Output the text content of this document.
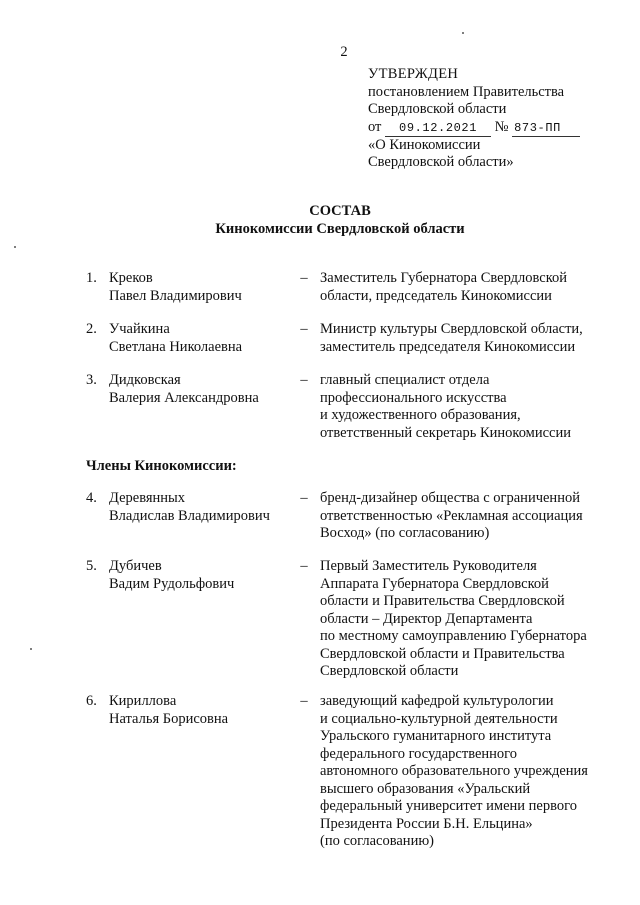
2
УТВЕРЖДЕН
постановлением Правительства
Свердловской области
от 09.12.2021 № 873-ПП
«О Кинокомиссии
Свердловской области»
СОСТАВ
Кинокомиссии Свердловской области
1. Креков
Павел Владимирович
– Заместитель Губернатора Свердловской
области, председатель Кинокомиссии
2. Учайкина
Светлана Николаевна
– Министр культуры Свердловской области,
заместитель председателя Кинокомиссии
3. Дидковская
Валерия Александровна
– главный специалист отдела
профессионального искусства
и художественного образования,
ответственный секретарь Кинокомиссии
Члены Кинокомиссии:
4. Деревянных
Владислав Владимирович
– бренд-дизайнер общества с ограниченной
ответственностью «Рекламная ассоциация
Восход» (по согласованию)
5. Дубичев
Вадим Рудольфович
– Первый Заместитель Руководителя
Аппарата Губернатора Свердловской
области и Правительства Свердловской
области – Директор Департамента
по местному самоуправлению Губернатора
Свердловской области и Правительства
Свердловской области
6. Кириллова
Наталья Борисовна
– заведующий кафедрой культурологии
и социально-культурной деятельности
Уральского гуманитарного института
федерального государственного
автономного образовательного учреждения
высшего образования «Уральский
федеральный университет имени первого
Президента России Б.Н. Ельцина»
(по согласованию)
